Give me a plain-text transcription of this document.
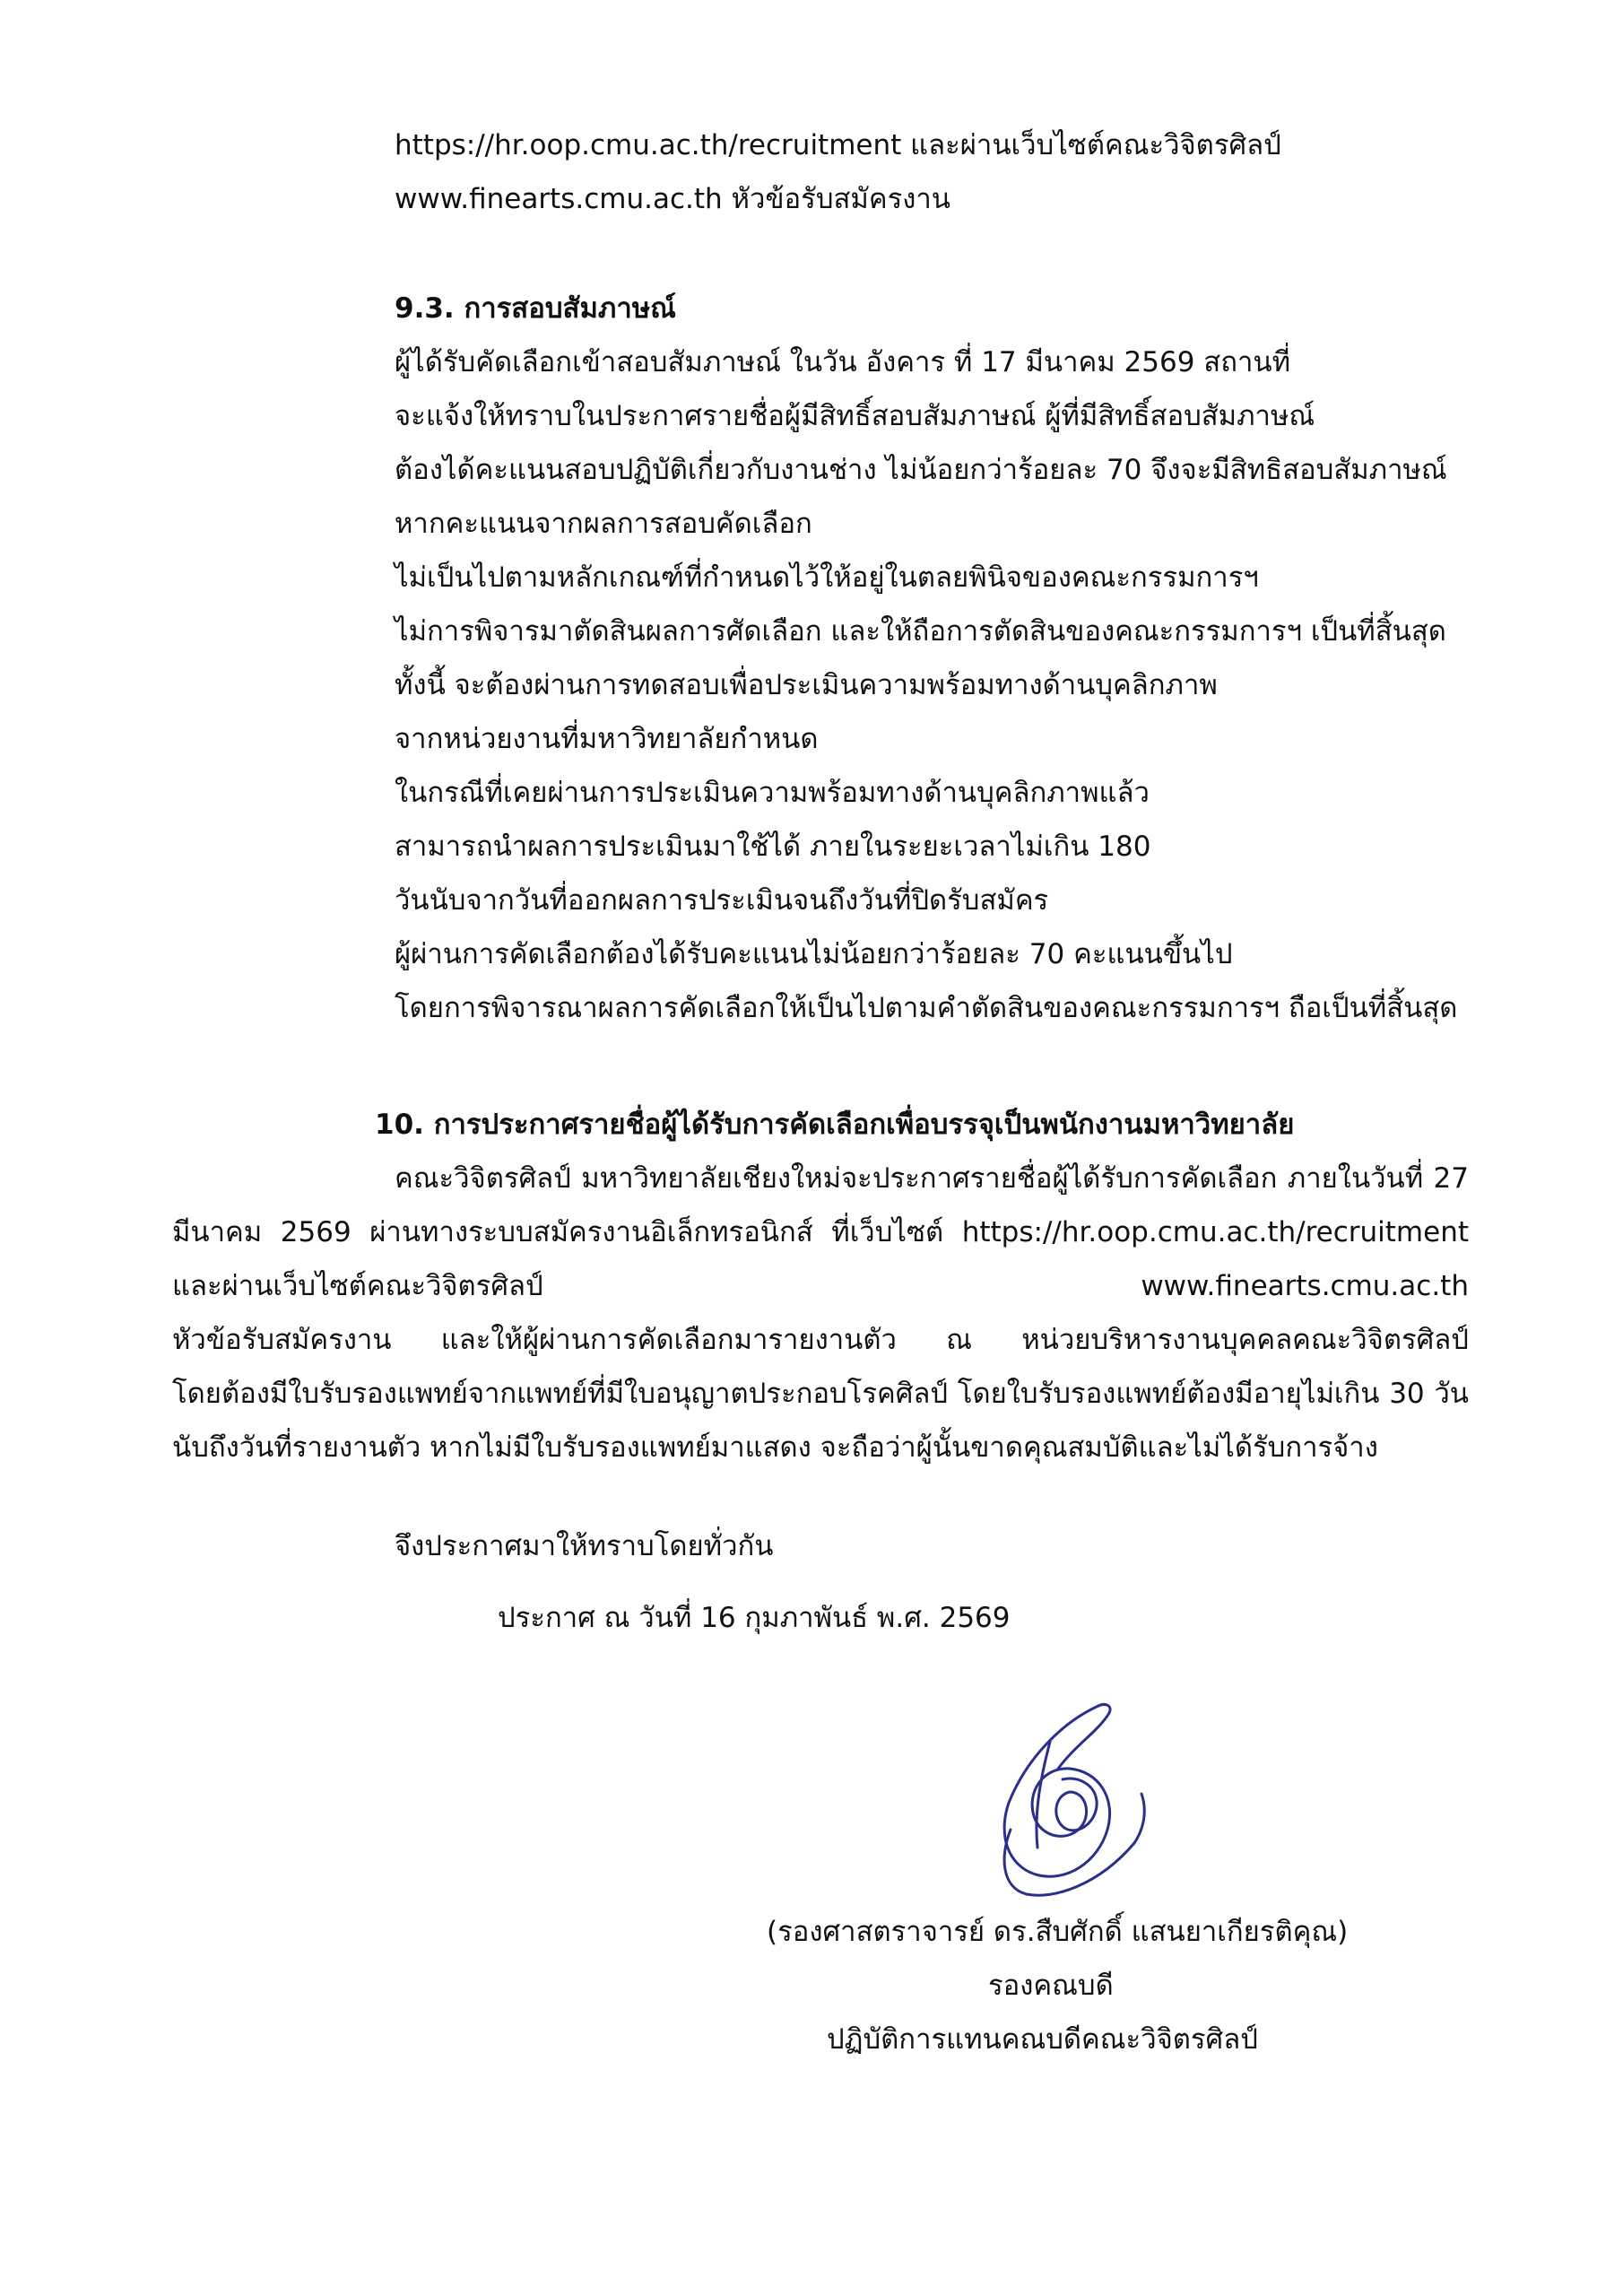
https://hr.oop.cmu.ac.th/recruitment และผ่านเว็บไซต์คณะวิจิตรศิลป์
www.finearts.cmu.ac.th หัวข้อรับสมัครงาน
9.3. การสอบสัมภาษณ์
ผู้ได้รับคัดเลือกเข้าสอบสัมภาษณ์ ในวัน อังคาร ที่ 17 มีนาคม 2569 สถานที่
จะแจ้งให้ทราบในประกาศรายชื่อผู้มีสิทธิ์สอบสัมภาษณ์ ผู้ที่มีสิทธิ์สอบสัมภาษณ์
ต้องได้คะแนนสอบปฏิบัติเกี่ยวกับงานช่าง ไม่น้อยกว่าร้อยละ 70 จึงจะมีสิทธิสอบสัมภาษณ์
หากคะแนนจากผลการสอบคัดเลือก
ไม่เป็นไปตามหลักเกณฑ์ที่กำหนดไว้ให้อยู่ในตลยพินิจของคณะกรรมการฯ
ไม่การพิจารมาตัดสินผลการศัดเลือก และให้ถือการตัดสินของคณะกรรมการฯ เป็นที่สิ้นสุด
ทั้งนี้ จะต้องผ่านการทดสอบเพื่อประเมินความพร้อมทางด้านบุคลิกภาพ
จากหน่วยงานที่มหาวิทยาลัยกำหนด
ในกรณีที่เคยผ่านการประเมินความพร้อมทางด้านบุคลิกภาพแล้ว
สามารถนำผลการประเมินมาใช้ได้ ภายในระยะเวลาไม่เกิน 180
วันนับจากวันที่ออกผลการประเมินจนถึงวันที่ปิดรับสมัคร
ผู้ผ่านการคัดเลือกต้องได้รับคะแนนไม่น้อยกว่าร้อยละ 70 คะแนนขึ้นไป
โดยการพิจารณาผลการคัดเลือกให้เป็นไปตามคำตัดสินของคณะกรรมการฯ ถือเป็นที่สิ้นสุด
10. การประกาศรายชื่อผู้ได้รับการคัดเลือกเพื่อบรรจุเป็นพนักงานมหาวิทยาลัย
คณะวิจิตรศิลป์ มหาวิทยาลัยเชียงใหม่จะประกาศรายชื่อผู้ได้รับการคัดเลือก ภายในวันที่ 27
มีนาคม 2569 ผ่านทางระบบสมัครงานอิเล็กทรอนิกส์ ที่เว็บไซต์ https://hr.oop.cmu.ac.th/recruitment
และผ่านเว็บไซต์คณะวิจิตรศิลป์	www.finearts.cmu.ac.th
หัวข้อรับสมัครงาน และให้ผู้ผ่านการคัดเลือกมารายงานตัว ณ หน่วยบริหารงานบุคคลคณะวิจิตรศิลป์
โดยต้องมีใบรับรองแพทย์จากแพทย์ที่มีใบอนุญาตประกอบโรคศิลป์ โดยใบรับรองแพทย์ต้องมีอายุไม่เกิน 30 วัน
นับถึงวันที่รายงานตัว หากไม่มีใบรับรองแพทย์มาแสดง จะถือว่าผู้นั้นขาดคุณสมบัติและไม่ได้รับการจ้าง
จึงประกาศมาให้ทราบโดยทั่วกัน
ประกาศ ณ วันที่ 16 กุมภาพันธ์ พ.ศ. 2569
(รองศาสตราจารย์ ดร.สืบศักดิ์ แสนยาเกียรติคุณ)
รองคณบดี
ปฏิบัติการแทนคณบดีคณะวิจิตรศิลป์
